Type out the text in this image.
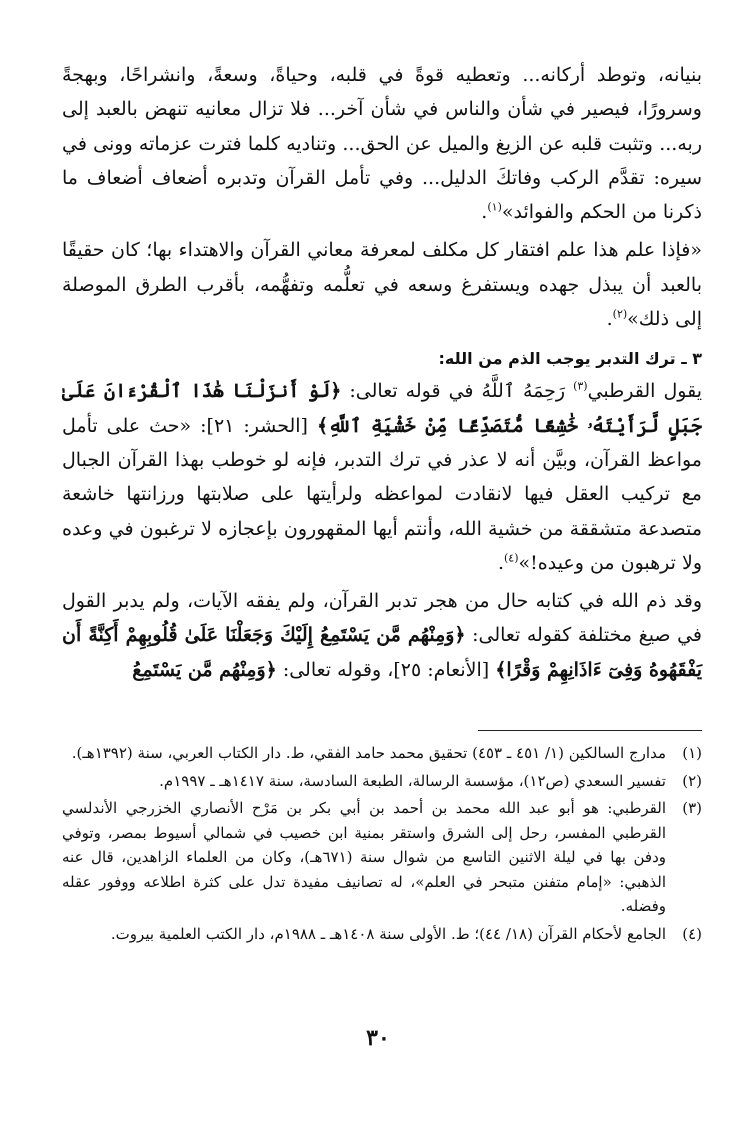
بنيانه، وتوطد أركانه... وتعطيه قوةً في قلبه، وحياةً، وسعةً، وانشراحًا، وبهجةً وسرورًا، فيصير في شأن والناس في شأن آخر... فلا تزال معانيه تنهض بالعبد إلى ربه... وتثبت قلبه عن الزيغ والميل عن الحق... وتناديه كلما فترت عزماته وونى في سيره: تقدَّم الركب وفاتكَ الدليل... وفي تأمل القرآن وتدبره أضعاف أضعاف ما ذكرنا من الحكم والفوائد»$^{(١)}$.

«فإذا علم هذا علم افتقار كل مكلف لمعرفة معاني القرآن والاهتداء بها؛ كان حقيقًا بالعبد أن يبذل جهده ويستفرغ وسعه في تعلُّمه وتفهُّمه، بأقرب الطرق الموصلة إلى ذلك»$^{(٢)}$.

٣ ـ ترك التدبر يوجب الذم من الله:

يقول القرطبي$^{(٣)}$ رَحِمَهُ ٱللَّهُ في قوله تعالى: ﴿لَوْ أَنزَلْنَا هَٰذَا ٱلْقُرْءَانَ عَلَىٰ جَبَلٍ لَّرَأَيْتَهُۥ خَٰشِعًا مُّتَصَدِّعًا مِّنْ خَشْيَةِ ٱللَّهِ﴾ [الحشر: ٢١]: «حث على تأمل مواعظ القرآن، وبيَّن أنه لا عذر في ترك التدبر، فإنه لو خوطب بهذا القرآن الجبال مع تركيب العقل فيها لانقادت لمواعظه ولرأيتها على صلابتها ورزانتها خاشعة متصدعة متشققة من خشية الله، وأنتم أيها المقهورون بإعجازه لا ترغبون في وعده ولا ترهبون من وعيده!»$^{(٤)}$.

وقد ذم الله في كتابه حال من هجر تدبر القرآن، ولم يفقه الآيات، ولم يدبر القول في صيغ مختلفة كقوله تعالى: ﴿وَمِنْهُم مَّن يَسْتَمِعُ إِلَيْكَ وَجَعَلْنَا عَلَىٰ قُلُوبِهِمْ أَكِنَّةً أَن يَفْقَهُوهُ وَفِىٓ ءَاذَانِهِمْ وَقْرًا﴾ [الأنعام: ٢٥]، وقوله تعالى: ﴿وَمِنْهُم مَّن يَسْتَمِعُ

(١)
مدارج السالكين (١/ ٤٥١ ـ ٤٥٣) تحقيق محمد حامد الفقي، ط. دار الكتاب العربي، سنة (١٣٩٢هـ).
(٢)
تفسير السعدي (ص١٢)، مؤسسة الرسالة، الطبعة السادسة، سنة ١٤١٧هـ ـ ١٩٩٧م.
(٣)
القرطبي: هو أبو عبد الله محمد بن أحمد بن أبي بكر بن مَرْح الأنصاري الخزرجي الأندلسي القرطبي المفسر، رحل إلى الشرق واستقر بمنية ابن خصيب في شمالي أسيوط بمصر، وتوفي ودفن بها في ليلة الاثنين التاسع من شوال سنة (٦٧١هـ)، وكان من العلماء الزاهدين، قال عنه الذهبي: «إمام متفنن متبحر في العلم»، له تصانيف مفيدة تدل على كثرة اطلاعه ووفور عقله وفضله.
(٤)
الجامع لأحكام القرآن (١٨/ ٤٤)؛ ط. الأولى سنة ١٤٠٨هـ ـ ١٩٨٨م، دار الكتب العلمية بيروت.
٣٠
